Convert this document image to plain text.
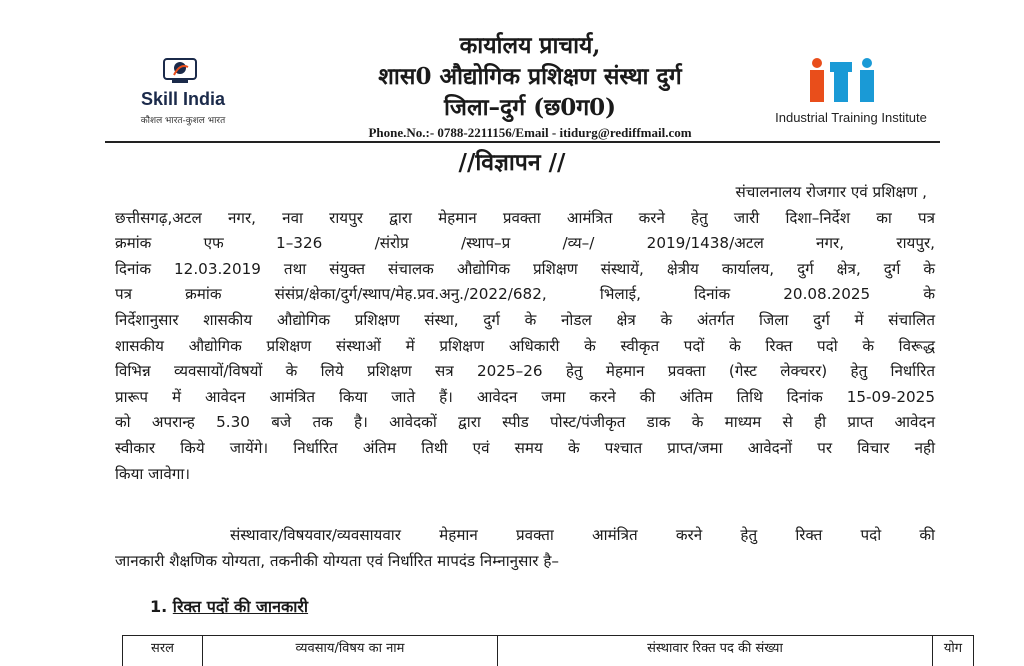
Skill India
कौशल भारत-कुशल भारत
कार्यालय प्राचार्य,
शास0 औद्योगिक प्रशिक्षण संस्था दुर्ग
जिला–दुर्ग (छ0ग0)
Phone.No.:- 0788-2211156/Email - itidurg@rediffmail.com
Industrial Training Institute
//विज्ञापन //
संचालनालय रोजगार एवं प्रशिक्षण ,
छत्तीसगढ़,अटल नगर, नवा रायपुर द्वारा मेहमान प्रवक्ता आमंत्रित करने हेतु जारी दिशा–निर्देश का पत्र
क्रमांक एफ 1–326 /संरोप्र /स्थाप–प्र /व्य–/ 2019/1438/अटल नगर, रायपुर,
दिनांक 12.03.2019 तथा संयुक्त संचालक औद्योगिक प्रशिक्षण संस्थायें, क्षेत्रीय कार्यालय, दुर्ग क्षेत्र, दुर्ग के
पत्र क्रमांक संसंप्र/क्षेका/दुर्ग/स्थाप/मेह.प्रव.अनु./2022/682, भिलाई, दिनांक 20.08.2025 के
निर्देशानुसार शासकीय औद्योगिक प्रशिक्षण संस्था, दुर्ग के नोडल क्षेत्र के अंतर्गत जिला दुर्ग में संचालित
शासकीय औद्योगिक प्रशिक्षण संस्थाओं में प्रशिक्षण अधिकारी के स्वीकृत पदों के रिक्त पदो के विरूद्ध
विभिन्न व्यवसायों/विषयों के लिये प्रशिक्षण सत्र 2025–26 हेतु मेहमान प्रवक्ता (गेस्ट लेक्चरर) हेतु निर्धारित
प्रारूप में आवेदन आमंत्रित किया जाते हैं। आवेदन जमा करने की अंतिम तिथि दिनांक 15-09-2025
को अपरान्ह 5.30 बजे तक है। आवेदकों द्वारा स्पीड पोस्ट/पंजीकृत डाक के माध्यम से ही प्राप्त आवेदन
स्वीकार किये जायेंगे। निर्धारित अंतिम तिथी एवं समय के पश्चात प्राप्त/जमा आवेदनों पर विचार नही
किया जावेगा।
संस्थावार/विषयवार/व्यवसायवार मेहमान प्रवक्ता आमंत्रित करने हेतु रिक्त पदो की
जानकारी शैक्षणिक योग्यता, तकनीकी योग्यता एवं निर्धारित मापदंड निम्नानुसार है–
1. रिक्त पदों की जानकारी
सरल	व्यवसाय/विषय का नाम	संस्थावार रिक्त पद की संख्या	योग
